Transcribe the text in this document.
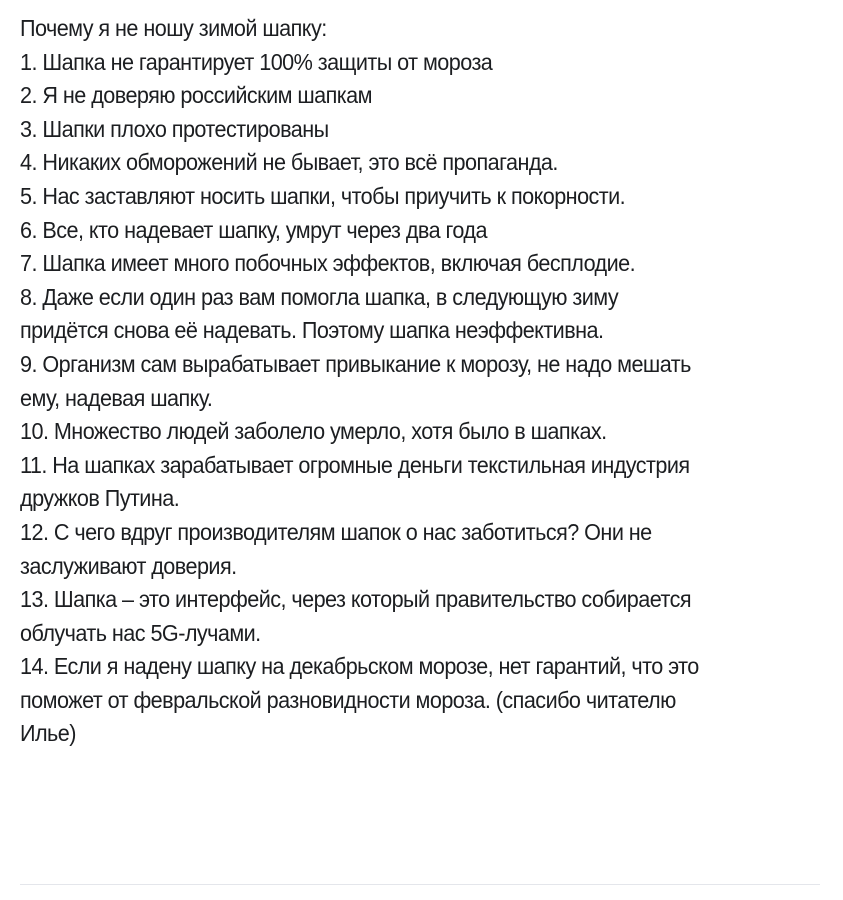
Почему я не ношу зимой шапку:
1. Шапка не гарантирует 100% защиты от мороза
2. Я не доверяю российским шапкам
3. Шапки плохо протестированы
4. Никаких обморожений не бывает, это всё пропаганда.
5. Нас заставляют носить шапки, чтобы приучить к покорности.
6. Все, кто надевает шапку, умрут через два года
7. Шапка имеет много побочных эффектов, включая бесплодие.
8. Даже если один раз вам помогла шапка, в следующую зиму
придётся снова её надевать. Поэтому шапка неэффективна.
9. Организм сам вырабатывает привыкание к морозу, не надо мешать
ему, надевая шапку.
10. Множество людей заболело умерло, хотя было в шапках.
11. На шапках зарабатывает огромные деньги текстильная индустрия
дружков Путина.
12. С чего вдруг производителям шапок о нас заботиться? Они не
заслуживают доверия.
13. Шапка – это интерфейс, через который правительство собирается
облучать нас 5G-лучами.
14. Если я надену шапку на декабрьском морозе, нет гарантий, что это
поможет от февральской разновидности мороза. (спасибо читателю
Илье)
